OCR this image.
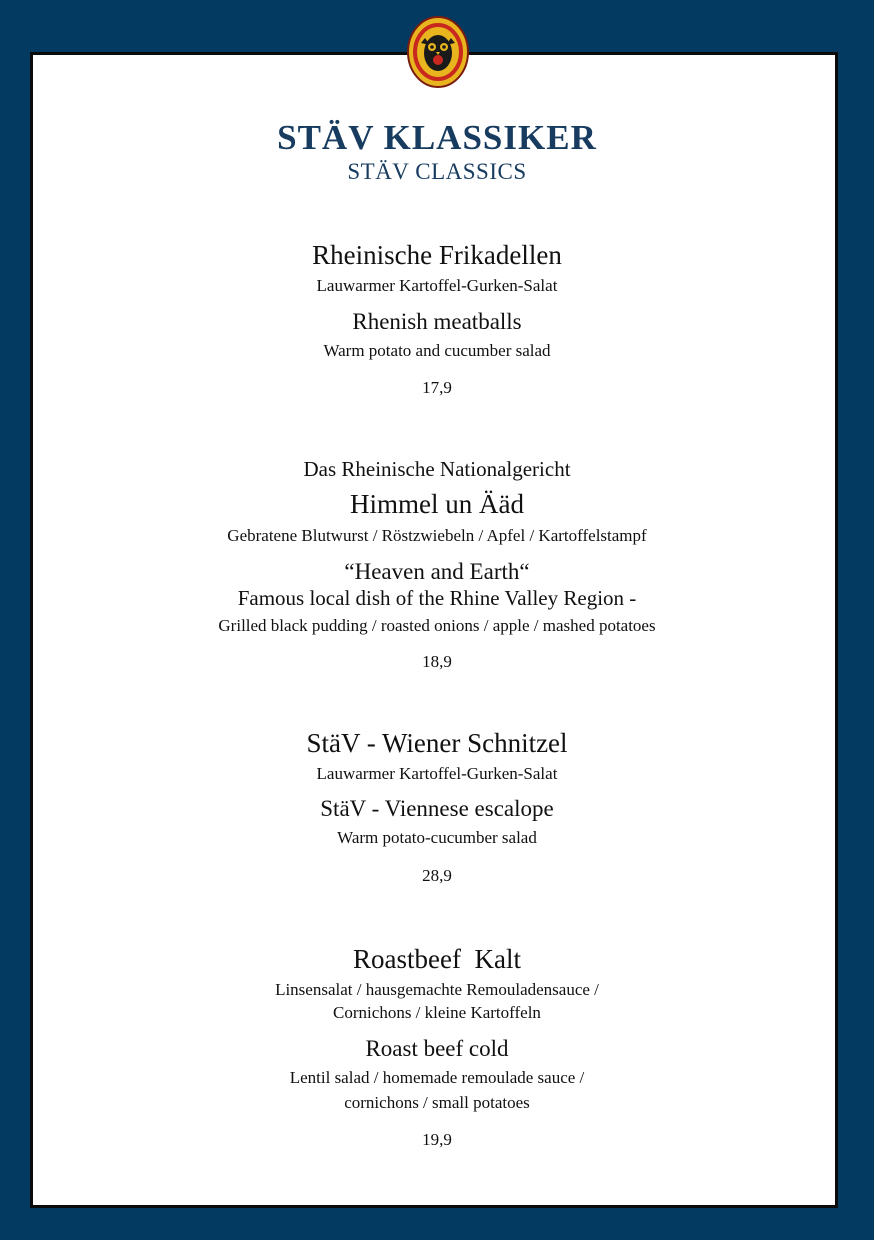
STÄV KLASSIKER
STÄV CLASSICS
Rheinische Frikadellen
Lauwarmer Kartoffel-Gurken-Salat
Rhenish meatballs
Warm potato and cucumber salad
17,9
Das Rheinische Nationalgericht
Himmel un Ääd
Gebratene Blutwurst / Röstzwiebeln / Apfel / Kartoffelstampf
“Heaven and Earth“
Famous local dish of the Rhine Valley Region -
Grilled black pudding / roasted onions / apple / mashed potatoes
18,9
StäV - Wiener Schnitzel
Lauwarmer Kartoffel-Gurken-Salat
StäV - Viennese escalope
Warm potato-cucumber salad
28,9
Roastbeef  Kalt
Linsensalat / hausgemachte Remouladensauce /
Cornichons / kleine Kartoffeln
Roast beef cold
Lentil salad / homemade remoulade sauce /
cornichons / small potatoes
19,9
